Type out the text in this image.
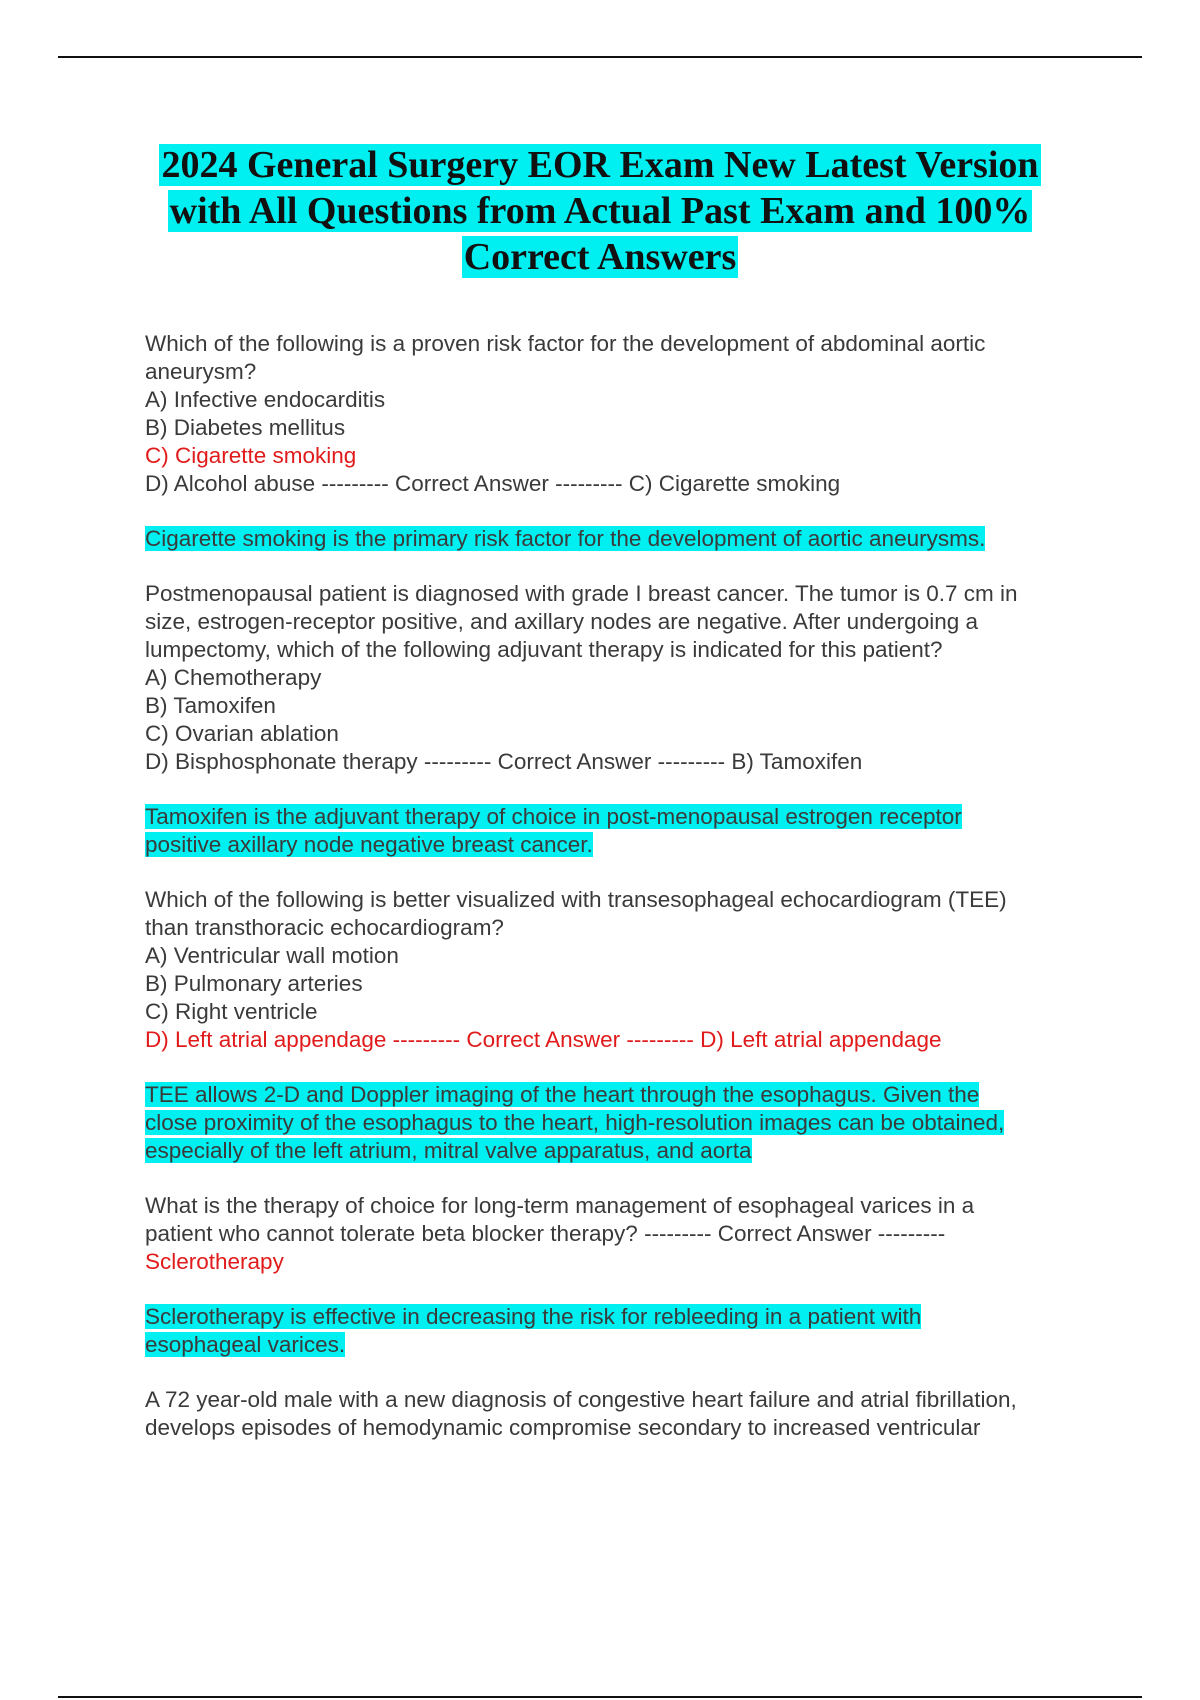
2024 General Surgery EOR Exam New Latest Version
with All Questions from Actual Past Exam and 100%
Correct Answers
Which of the following is a proven risk factor for the development of abdominal aortic
aneurysm?
A) Infective endocarditis
B) Diabetes mellitus
C) Cigarette smoking
D) Alcohol abuse --------- Correct Answer --------- C) Cigarette smoking
Cigarette smoking is the primary risk factor for the development of aortic aneurysms.
Postmenopausal patient is diagnosed with grade I breast cancer. The tumor is 0.7 cm in
size, estrogen-receptor positive, and axillary nodes are negative. After undergoing a
lumpectomy, which of the following adjuvant therapy is indicated for this patient?
A) Chemotherapy
B) Tamoxifen
C) Ovarian ablation
D) Bisphosphonate therapy --------- Correct Answer --------- B) Tamoxifen
Tamoxifen is the adjuvant therapy of choice in post-menopausal estrogen receptor
positive axillary node negative breast cancer.
Which of the following is better visualized with transesophageal echocardiogram (TEE)
than transthoracic echocardiogram?
A) Ventricular wall motion
B) Pulmonary arteries
C) Right ventricle
D) Left atrial appendage --------- Correct Answer --------- D) Left atrial appendage
TEE allows 2-D and Doppler imaging of the heart through the esophagus. Given the
close proximity of the esophagus to the heart, high-resolution images can be obtained,
especially of the left atrium, mitral valve apparatus, and aorta
What is the therapy of choice for long-term management of esophageal varices in a
patient who cannot tolerate beta blocker therapy? --------- Correct Answer ---------
Sclerotherapy
Sclerotherapy is effective in decreasing the risk for rebleeding in a patient with
esophageal varices.
A 72 year-old male with a new diagnosis of congestive heart failure and atrial fibrillation,
develops episodes of hemodynamic compromise secondary to increased ventricular
